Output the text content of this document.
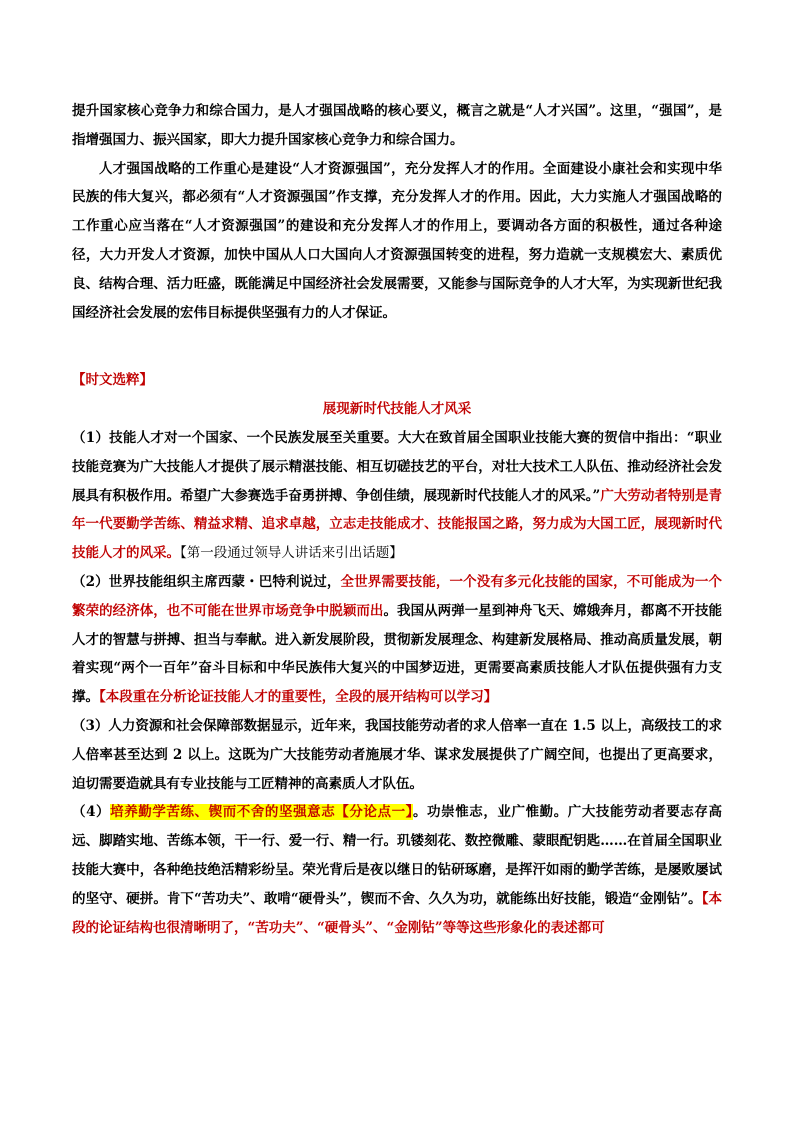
提升国家核心竞争力和综合国力，是人才强国战略的核心要义，概言之就是“人才兴国”。这里，“强国”，是指增强国力、振兴国家，即大力提升国家核心竞争力和综合国力。

人才强国战略的工作重心是建设“人才资源强国”，充分发挥人才的作用。全面建设小康社会和实现中华民族的伟大复兴，都必须有“人才资源强国”作支撑，充分发挥人才的作用。因此，大力实施人才强国战略的工作重心应当落在“人才资源强国”的建设和充分发挥人才的作用上，要调动各方面的积极性，通过各种途径，大力开发人才资源，加快中国从人口大国向人才资源强国转变的进程，努力造就一支规模宏大、素质优良、结构合理、活力旺盛，既能满足中国经济社会发展需要，又能参与国际竞争的人才大军，为实现新世纪我国经济社会发展的宏伟目标提供坚强有力的人才保证。

【时文选粹】

展现新时代技能人才风采

（1）技能人才对一个国家、一个民族发展至关重要。大大在致首届全国职业技能大赛的贺信中指出：“职业技能竞赛为广大技能人才提供了展示精湛技能、相互切磋技艺的平台，对壮大技术工人队伍、推动经济社会发展具有积极作用。希望广大参赛选手奋勇拼搏、争创佳绩，展现新时代技能人才的风采。”广大劳动者特别是青年一代要勤学苦练、精益求精、追求卓越，立志走技能成才、技能报国之路，努力成为大国工匠，展现新时代技能人才的风采。【第一段通过领导人讲话来引出话题】

（2）世界技能组织主席西蒙・巴特利说过，全世界需要技能，一个没有多元化技能的国家，不可能成为一个繁荣的经济体，也不可能在世界市场竞争中脱颖而出。我国从两弹一星到神舟飞天、嫦娥奔月，都离不开技能人才的智慧与拼搏、担当与奉献。进入新发展阶段，贯彻新发展理念、构建新发展格局、推动高质量发展，朝着实现“两个一百年”奋斗目标和中华民族伟大复兴的中国梦迈进，更需要高素质技能人才队伍提供强有力支撑。【本段重在分析论证技能人才的重要性，全段的展开结构可以学习】

（3）人力资源和社会保障部数据显示，近年来，我国技能劳动者的求人倍率一直在 1.5 以上，高级技工的求人倍率甚至达到 2 以上。这既为广大技能劳动者施展才华、谋求发展提供了广阔空间，也提出了更高要求，迫切需要造就具有专业技能与工匠精神的高素质人才队伍。

（4）培养勤学苦练、锲而不舍的坚强意志【分论点一】。功崇惟志，业广惟勤。广大技能劳动者要志存高远、脚踏实地、苦练本领，干一行、爱一行、精一行。玑镂刻花、数控微雕、蒙眼配钥匙……在首届全国职业技能大赛中，各种绝技绝活精彩纷呈。荣光背后是夜以继日的钻研琢磨，是挥汗如雨的勤学苦练，是屡败屡试的坚守、硬拼。肯下“苦功夫”、敢啃“硬骨头”，锲而不舍、久久为功，就能练出好技能，锻造“金刚钻”。【本段的论证结构也很清晰明了，“苦功夫”、“硬骨头”、“金刚钻”等等这些形象化的表述都可
